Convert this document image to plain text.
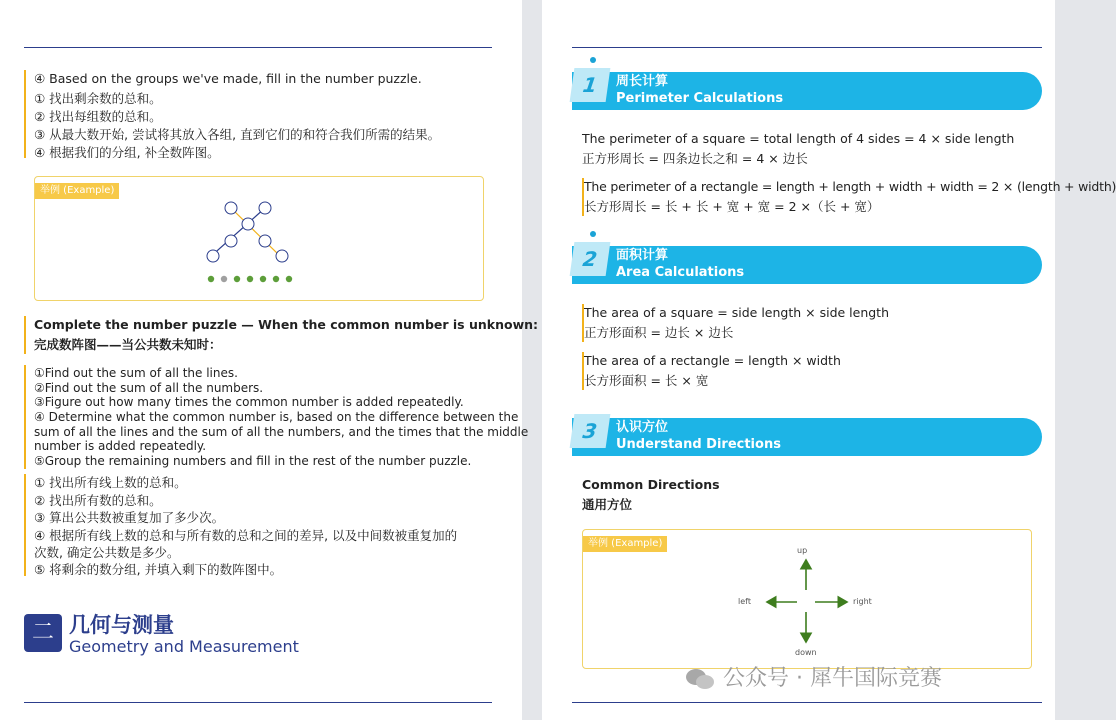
④ Based on the groups we've made, fill in the number puzzle.
① 找出剩余数的总和。
② 找出每组数的总和。
③ 从最大数开始, 尝试将其放入各组, 直到它们的和符合我们所需的结果。
④ 根据我们的分组, 补全数阵图。
举例 (Example)
Complete the number puzzle — When the common number is unknown:
完成数阵图——当公共数未知时：
①Find out the sum of all the lines.
②Find out the sum of all the numbers.
③Figure out how many times the common number is added repeatedly.
④ Determine what the common number is, based on the difference between the
sum of all the lines and the sum of all the numbers, and the times that the middle
number is added repeatedly.
⑤Group the remaining numbers and fill in the rest of the number puzzle.
① 找出所有线上数的总和。
② 找出所有数的总和。
③ 算出公共数被重复加了多少次。
④ 根据所有线上数的总和与所有数的总和之间的差异, 以及中间数被重复加的
次数, 确定公共数是多少。
⑤ 将剩余的数分组, 并填入剩下的数阵图中。
二 几何与测量
Geometry and Measurement
1	周长计算
Perimeter Calculations
The perimeter of a square = total length of 4 sides = 4 × side length
正方形周长 = 四条边长之和 = 4 × 边长
The perimeter of a rectangle = length + length + width + width = 2 × (length + width)
长方形周长 = 长 + 长 + 宽 + 宽 = 2 ×（长 + 宽）
2	面积计算
Area Calculations
The area of a square = side length × side length
正方形面积 = 边长 × 边长
The area of a rectangle = length × width
长方形面积 = 长 × 宽
3	认识方位
Understand Directions
Common Directions
通用方位
举例 (Example)
up
down
left	right
公众号 · 犀牛国际竞赛
